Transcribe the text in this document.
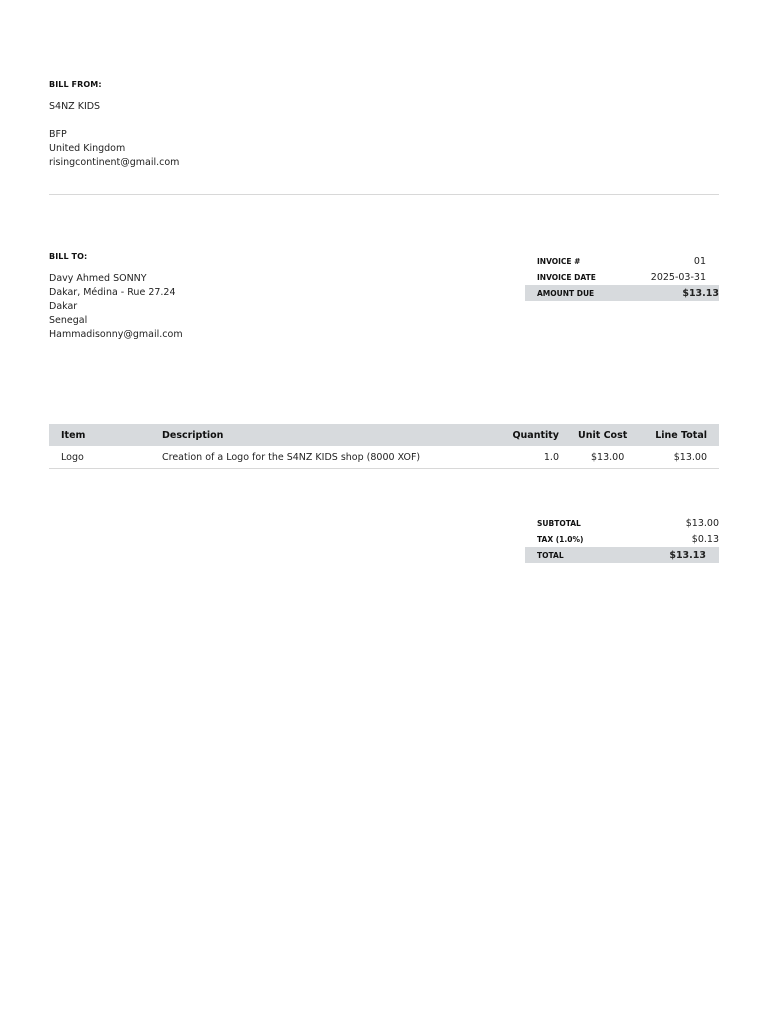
BILL FROM:
S4NZ KIDS
BFP
United Kingdom
risingcontinent@gmail.com
BILL TO:
Davy Ahmed SONNY
Dakar, Médina - Rue 27.24
Dakar
Senegal
Hammadisonny@gmail.com
INVOICE #	01
INVOICE DATE	2025-03-31
AMOUNT DUE	$13.13
Item	Description	Quantity	Unit Cost	Line Total
Logo	Creation of a Logo for the S4NZ KIDS shop (8000 XOF)	1.0	$13.00	$13.00
SUBTOTAL	$13.00
TAX (1.0%)	$0.13
TOTAL	$13.13
